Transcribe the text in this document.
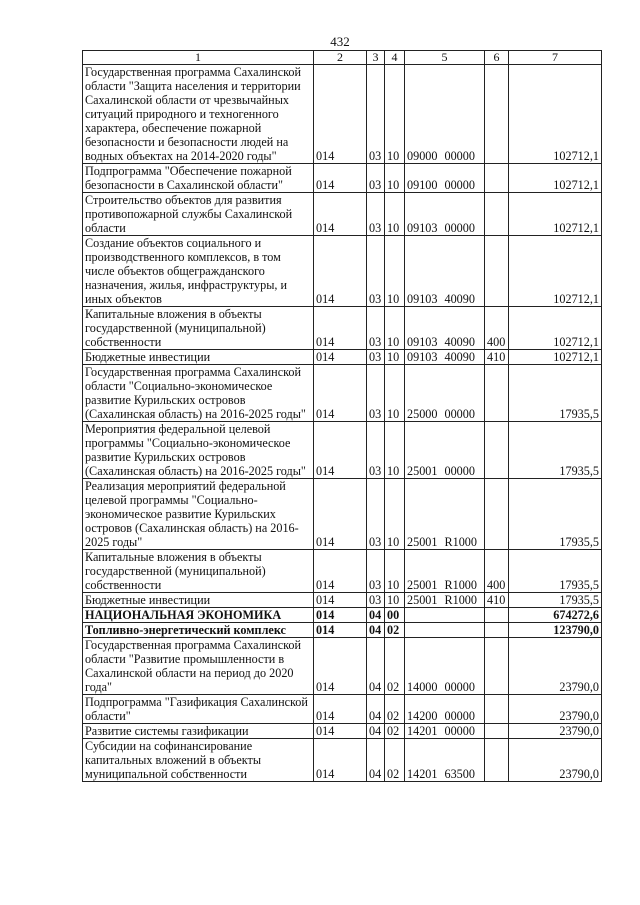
432
1	2	3	4	5	6	7
Государственная программа Сахалинской области "Защита населения и территории Сахалинской области от чрезвычайных ситуаций природного и техногенного характера, обеспечение пожарной безопасности и безопасности людей на водных объектах на 2014-2020 годы"	014	03	10	09000 00000		102712,1
Подпрограмма "Обеспечение пожарной безопасности в Сахалинской области"	014	03	10	09100 00000		102712,1
Строительство объектов для развития противопожарной службы Сахалинской области	014	03	10	09103 00000		102712,1
Создание объектов социального и производственного комплексов, в том числе объектов общегражданского назначения, жилья, инфраструктуры, и иных объектов	014	03	10	09103 40090		102712,1
Капитальные вложения в объекты государственной (муниципальной) собственности	014	03	10	09103 40090	400	102712,1
Бюджетные инвестиции	014	03	10	09103 40090	410	102712,1
Государственная программа Сахалинской области "Социально-экономическое развитие Курильских островов (Сахалинская область) на 2016-2025 годы"	014	03	10	25000 00000		17935,5
Мероприятия федеральной целевой программы "Социально-экономическое развитие Курильских островов (Сахалинская область) на 2016-2025 годы"	014	03	10	25001 00000		17935,5
Реализация мероприятий федеральной целевой программы "Социально-экономическое развитие Курильских островов (Сахалинская область) на 2016-2025 годы"	014	03	10	25001 R1000		17935,5
Капитальные вложения в объекты государственной (муниципальной) собственности	014	03	10	25001 R1000	400	17935,5
Бюджетные инвестиции	014	03	10	25001 R1000	410	17935,5
НАЦИОНАЛЬНАЯ ЭКОНОМИКА	014	04	00			674272,6
Топливно-энергетический комплекс	014	04	02			123790,0
Государственная программа Сахалинской области "Развитие промышленности в Сахалинской области на период до 2020 года"	014	04	02	14000 00000		23790,0
Подпрограмма "Газификация Сахалинской области"	014	04	02	14200 00000		23790,0
Развитие системы газификации	014	04	02	14201 00000		23790,0
Субсидии на софинансирование капитальных вложений в объекты муниципальной собственности	014	04	02	14201 63500		23790,0
